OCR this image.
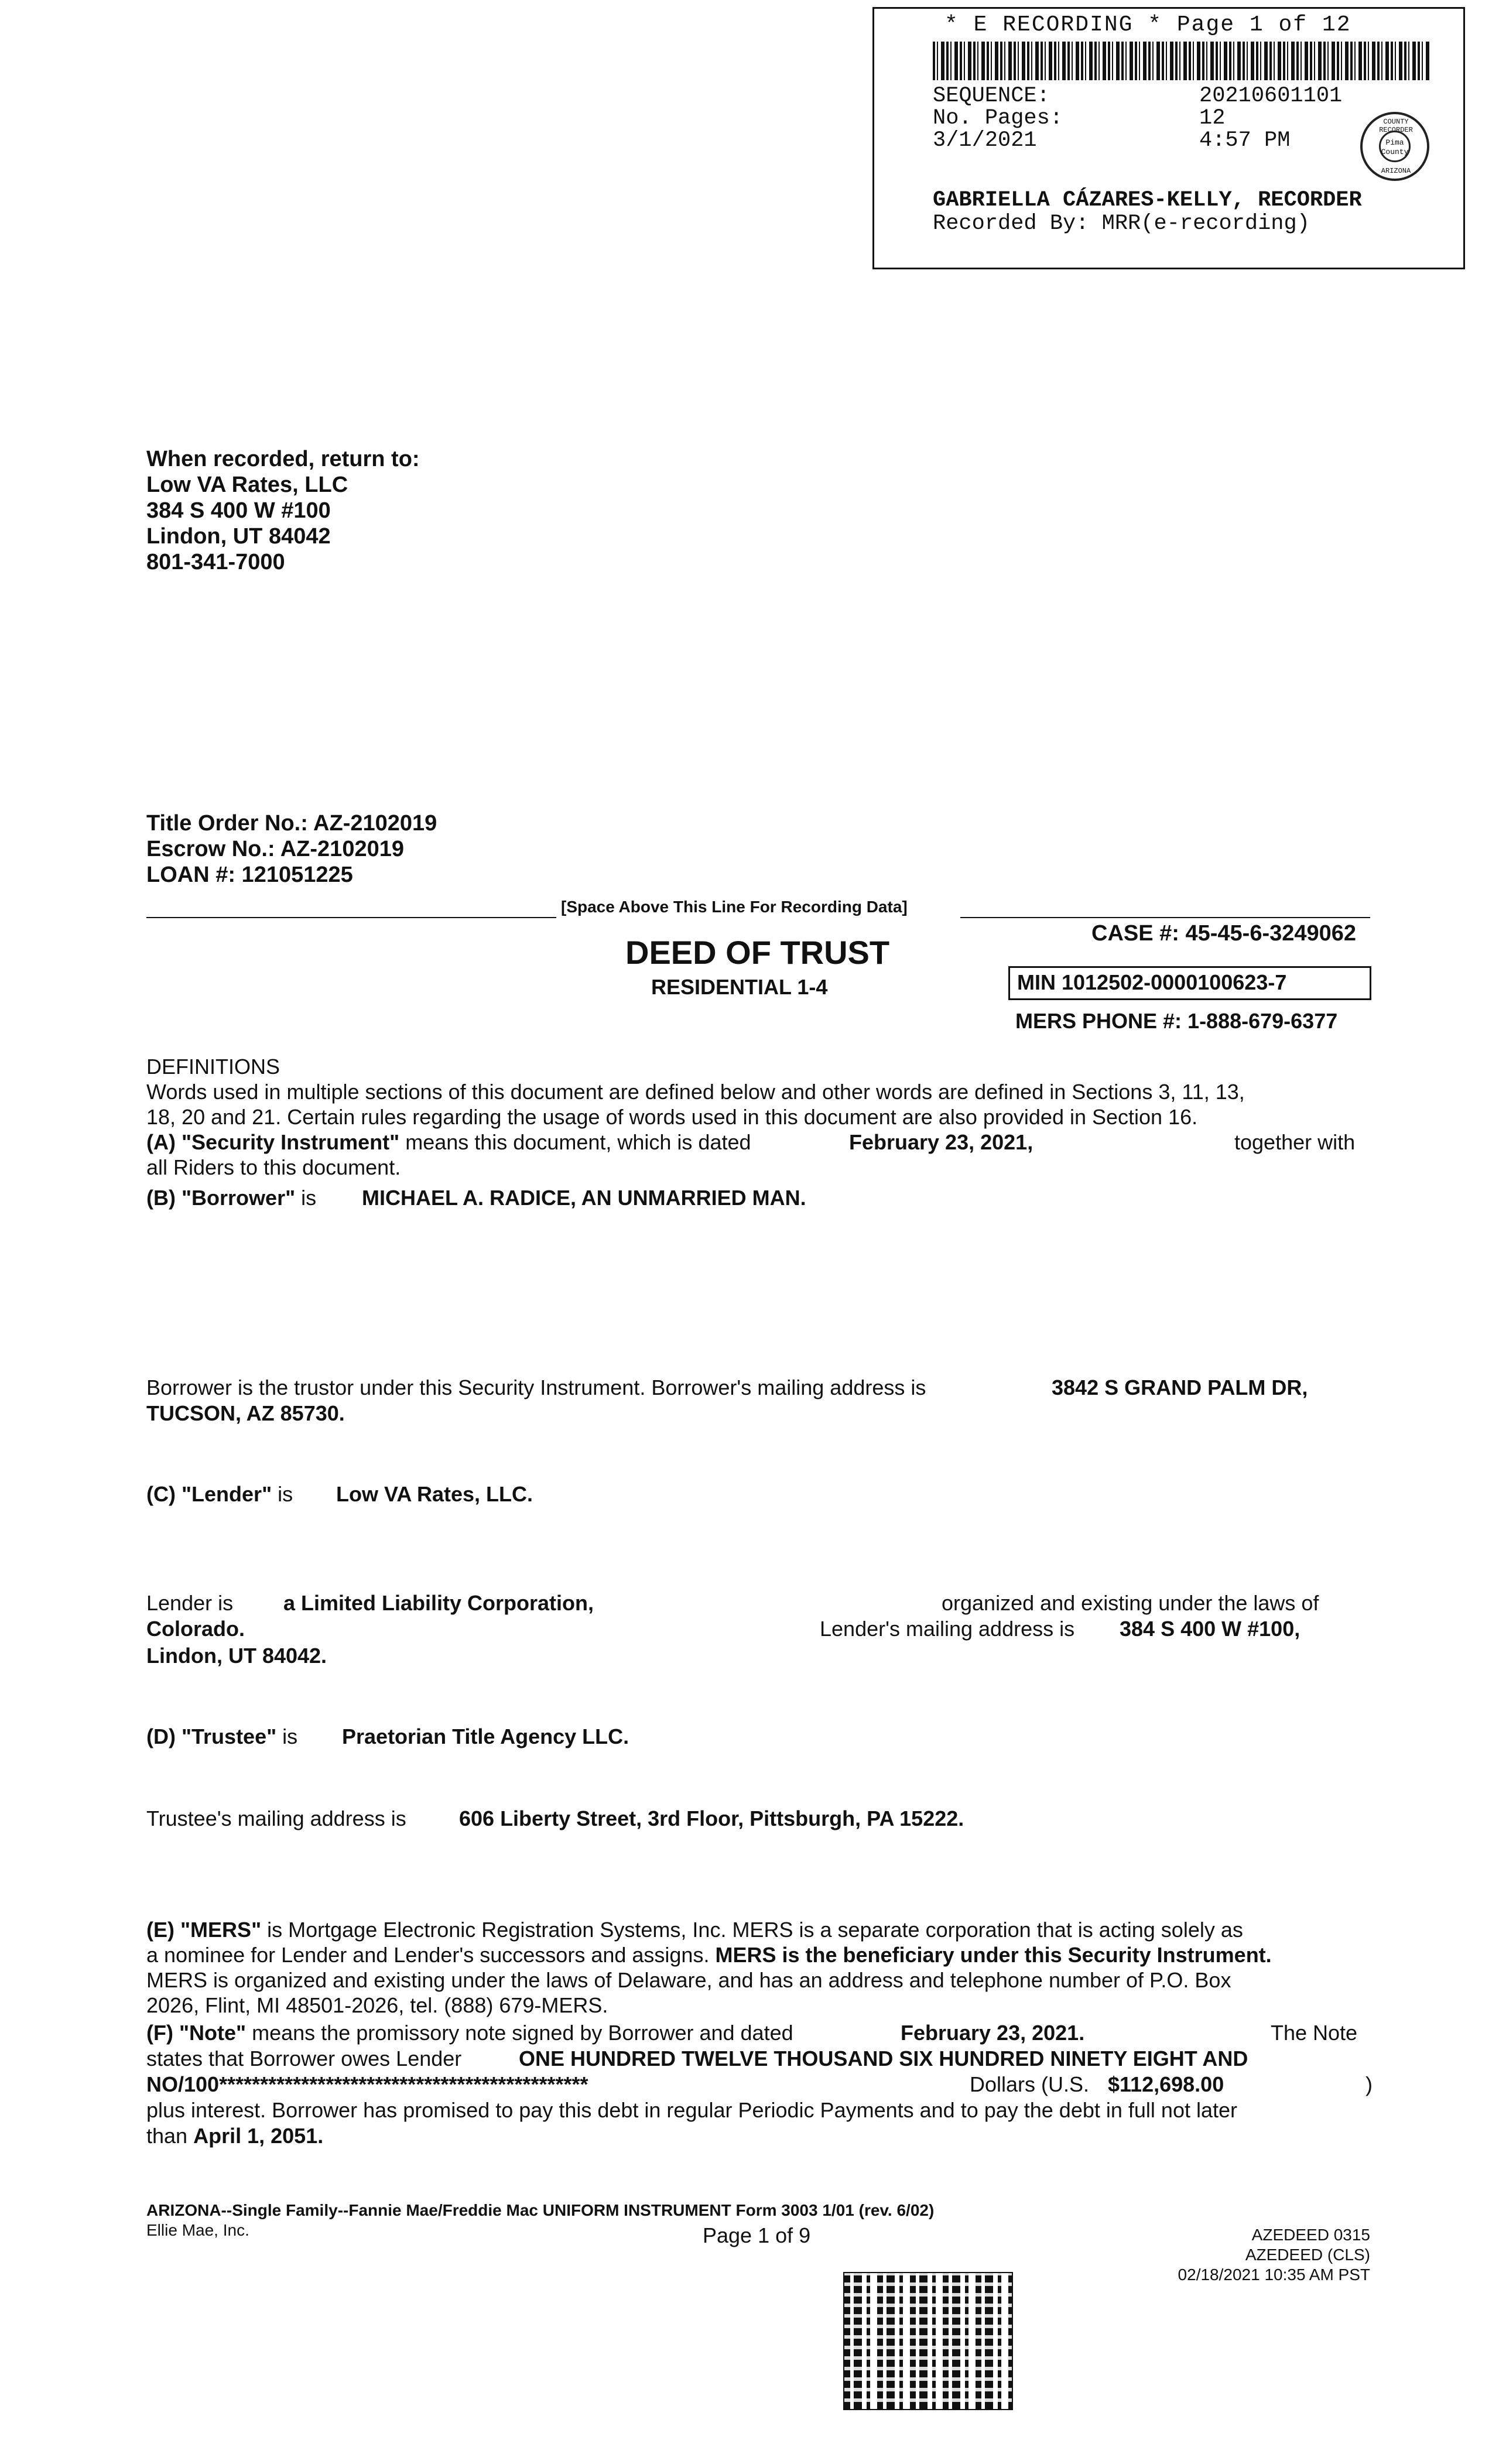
* E RECORDING * Page 1 of 12
SEQUENCE:	20210601101
No. Pages:	12
3/1/2021	4:57 PM
COUNTY RECORDER
Pima County
ARIZONA
GABRIELLA CÁZARES-KELLY, RECORDER
Recorded By: MRR(e-recording)
When recorded, return to:
Low VA Rates, LLC
384 S 400 W #100
Lindon, UT 84042
801-341-7000
Title Order No.: AZ-2102019
Escrow No.: AZ-2102019
LOAN #: 121051225
[Space Above This Line For Recording Data]
CASE #: 45-45-6-3249062
DEED OF TRUST
RESIDENTIAL 1-4	MIN 1012502-0000100623-7
MERS PHONE #: 1-888-679-6377
DEFINITIONS
Words used in multiple sections of this document are defined below and other words are defined in Sections 3, 11, 13,
18, 20 and 21. Certain rules regarding the usage of words used in this document are also provided in Section 16.
(A) "Security Instrument" means this document, which is dated	February 23, 2021,	together with
all Riders to this document.
(B) "Borrower" is MICHAEL A. RADICE, AN UNMARRIED MAN.
Borrower is the trustor under this Security Instrument. Borrower's mailing address is	3842 S GRAND PALM DR,
TUCSON, AZ 85730.
(C) "Lender" is Low VA Rates, LLC.
Lender is a Limited Liability Corporation,	organized and existing under the laws of
Colorado.	Lender's mailing address is 384 S 400 W #100,
Lindon, UT 84042.
(D) "Trustee" is Praetorian Title Agency LLC.
Trustee's mailing address is	606 Liberty Street, 3rd Floor, Pittsburgh, PA 15222.
(E) "MERS" is Mortgage Electronic Registration Systems, Inc. MERS is a separate corporation that is acting solely as
a nominee for Lender and Lender's successors and assigns. MERS is the beneficiary under this Security Instrument.
MERS is organized and existing under the laws of Delaware, and has an address and telephone number of P.O. Box
2026, Flint, MI 48501-2026, tel. (888) 679-MERS.
(F) "Note" means the promissory note signed by Borrower and dated	February 23, 2021.	The Note
states that Borrower owes Lender	ONE HUNDRED TWELVE THOUSAND SIX HUNDRED NINETY EIGHT AND
NO/100*********************************************	Dollars (U.S. $112,698.00	)
plus interest. Borrower has promised to pay this debt in regular Periodic Payments and to pay the debt in full not later
than April 1, 2051.
ARIZONA--Single Family--Fannie Mae/Freddie Mac UNIFORM INSTRUMENT Form 3003 1/01 (rev. 6/02)
Ellie Mae, Inc.	Page 1 of 9	AZEDEED 0315
AZEDEED (CLS)
02/18/2021 10:35 AM PST
